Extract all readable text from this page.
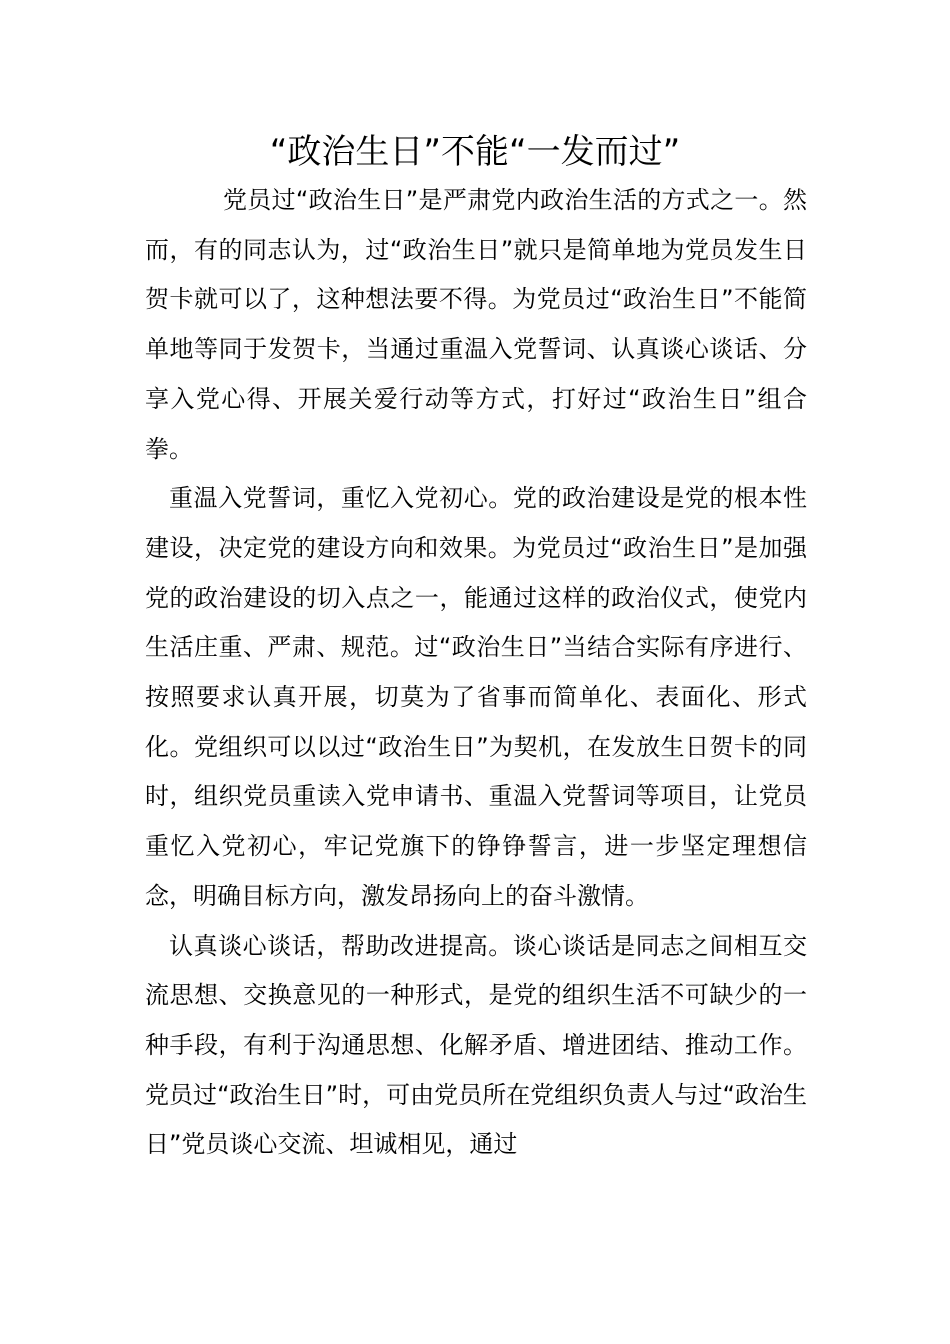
“政治生日”不能“一发而过”

党员过“政治生日”是严肃党内政治生活的方式之一。然而，有的同志认为，过“政治生日”就只是简单地为党员发生日贺卡就可以了，这种想法要不得。为党员过“政治生日”不能简单地等同于发贺卡，当通过重温入党誓词、认真谈心谈话、分享入党心得、开展关爱行动等方式，打好过“政治生日”组合拳。

重温入党誓词，重忆入党初心。党的政治建设是党的根本性建设，决定党的建设方向和效果。为党员过“政治生日”是加强党的政治建设的切入点之一，能通过这样的政治仪式，使党内生活庄重、严肃、规范。过“政治生日”当结合实际有序进行、按照要求认真开展，切莫为了省事而简单化、表面化、形式化。党组织可以以过“政治生日”为契机，在发放生日贺卡的同时，组织党员重读入党申请书、重温入党誓词等项目，让党员重忆入党初心，牢记党旗下的铮铮誓言，进一步坚定理想信念，明确目标方向，激发昂扬向上的奋斗激情。

认真谈心谈话，帮助改进提高。谈心谈话是同志之间相互交流思想、交换意见的一种形式，是党的组织生活不可缺少的一种手段，有利于沟通思想、化解矛盾、增进团结、推动工作。党员过“政治生日”时，可由党员所在党组织负责人与过“政治生日”党员谈心交流、坦诚相见，通过
